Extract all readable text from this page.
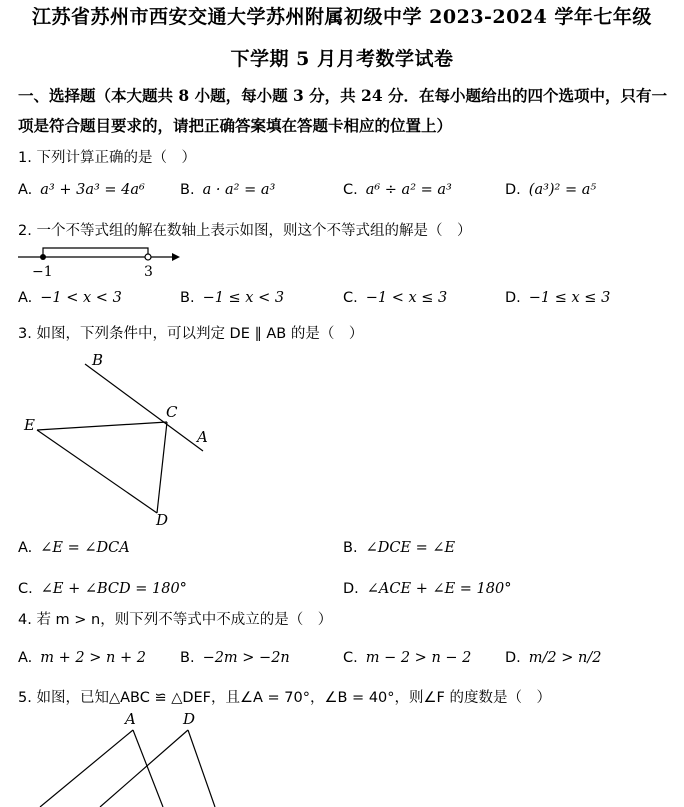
江苏省苏州市西安交通大学苏州附属初级中学 2023-2024 学年七年级
下学期 5 月月考数学试卷
一、选择题（本大题共 8 小题，每小题 3 分，共 24 分．在每小题给出的四个选项中，只有一
项是符合题目要求的，请把正确答案填在答题卡相应的位置上）
1. 下列计算正确的是（　）
A. a³ + 3a³ = 4a⁶ B. a · a² = a³	C. a⁶ ÷ a² = a³	D. (a³)² = a⁵
2. 一个不等式组的解在数轴上表示如图，则这个不等式组的解是（　）
−1	3
A. −1 < x < 3	B. −1 ≤ x < 3	C. −1 < x ≤ 3	D. −1 ≤ x ≤ 3
3. 如图，下列条件中，可以判定 DE ∥ AB 的是（　）
B
C
E
A
D
A. ∠E = ∠DCA	B. ∠DCE = ∠E
C. ∠E + ∠BCD = 180°	D. ∠ACE + ∠E = 180°
4. 若 m > n，则下列不等式中不成立的是（　）
A. m + 2 > n + 2 B. −2m > −2n	C. m − 2 > n − 2 D. m/2 > n/2
5. 如图，已知△ABC ≌ △DEF，且∠A = 70°，∠B = 40°，则∠F 的度数是（　）
A	D
